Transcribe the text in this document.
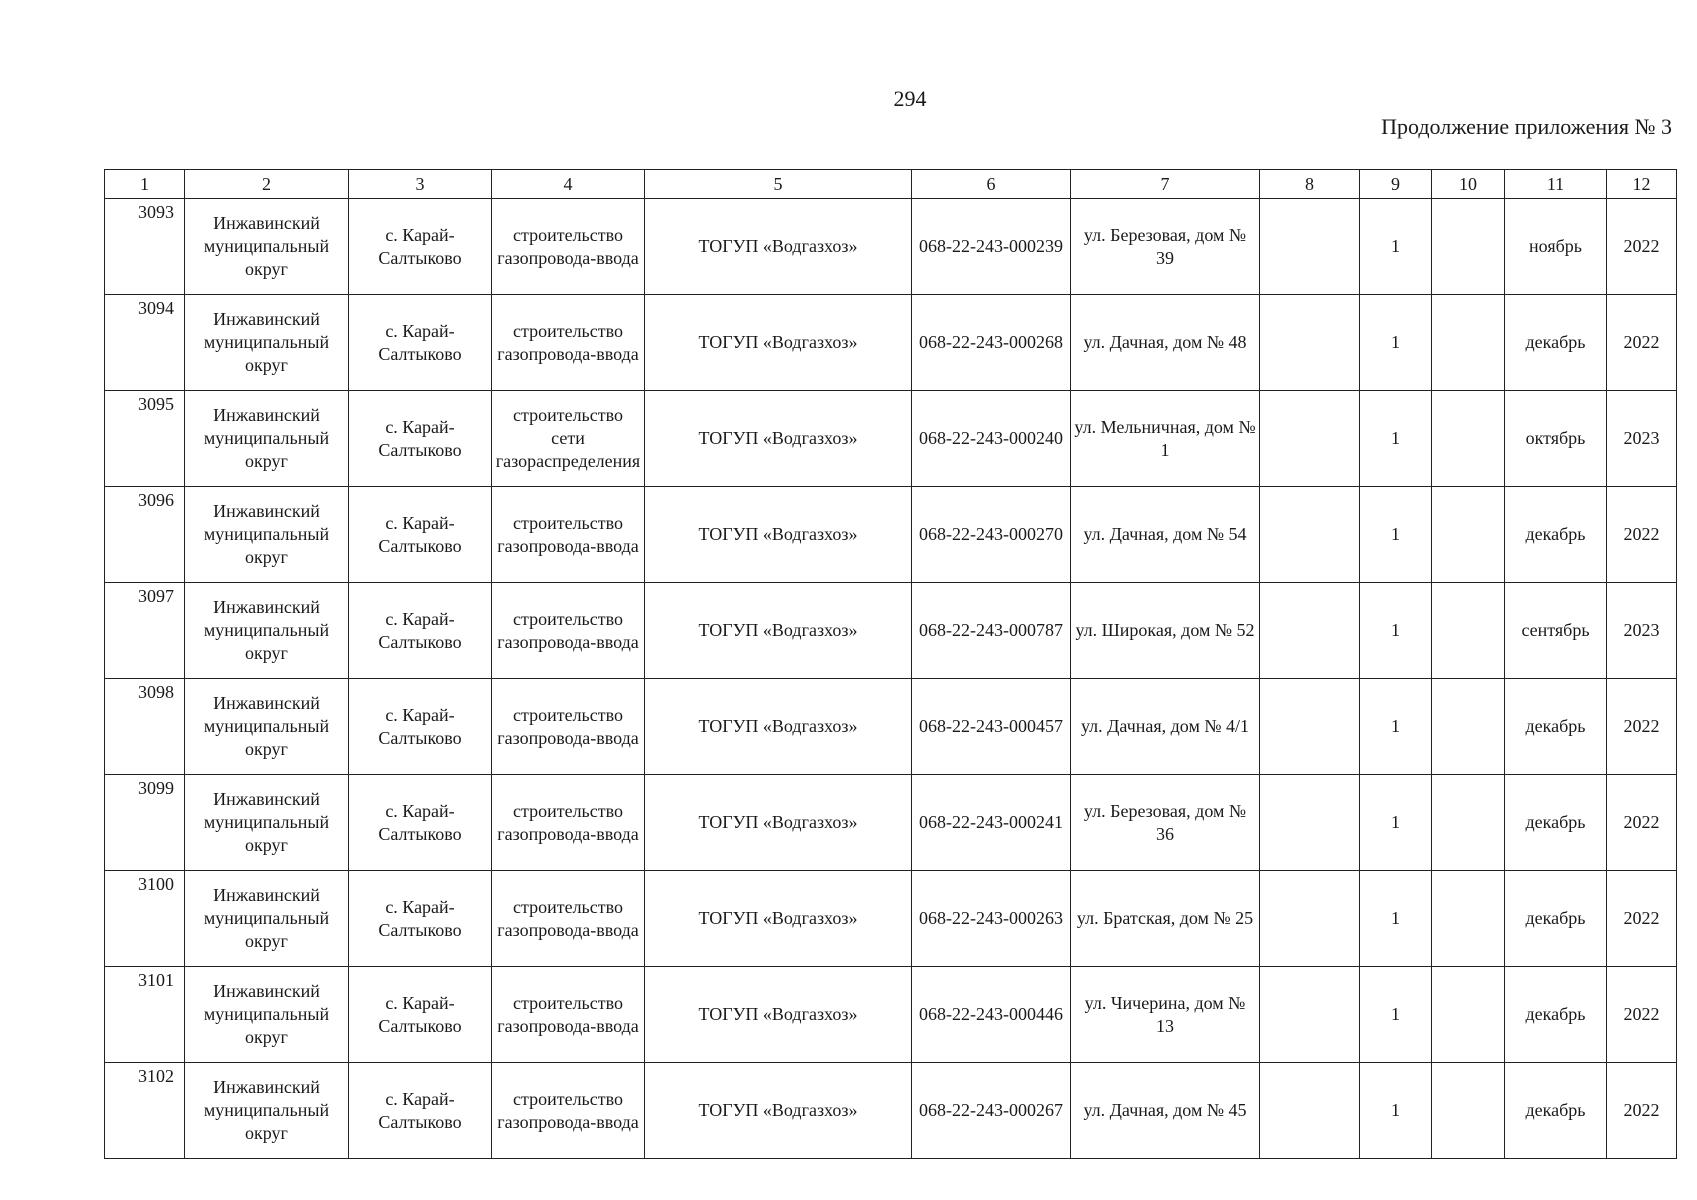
294
Продолжение приложения № 3
1	2	3	4	5	6	7	8	9	10	11	12
3093	Инжавинский муниципальный округ	с. Карай-Салтыково	строительство газопровода-ввода	ТОГУП «Водгазхоз»	068-22-243-000239	ул. Березовая, дом № 39		1		ноябрь	2022
3094	Инжавинский муниципальный округ	с. Карай-Салтыково	строительство газопровода-ввода	ТОГУП «Водгазхоз»	068-22-243-000268	ул. Дачная, дом № 48		1		декабрь	2022
3095	Инжавинский муниципальный округ	с. Карай-Салтыково	строительство сети газораспределения	ТОГУП «Водгазхоз»	068-22-243-000240	ул. Мельничная, дом № 1		1		октябрь	2023
3096	Инжавинский муниципальный округ	с. Карай-Салтыково	строительство газопровода-ввода	ТОГУП «Водгазхоз»	068-22-243-000270	ул. Дачная, дом № 54		1		декабрь	2022
3097	Инжавинский муниципальный округ	с. Карай-Салтыково	строительство газопровода-ввода	ТОГУП «Водгазхоз»	068-22-243-000787	ул. Широкая, дом № 52		1		сентябрь	2023
3098	Инжавинский муниципальный округ	с. Карай-Салтыково	строительство газопровода-ввода	ТОГУП «Водгазхоз»	068-22-243-000457	ул. Дачная, дом № 4/1		1		декабрь	2022
3099	Инжавинский муниципальный округ	с. Карай-Салтыково	строительство газопровода-ввода	ТОГУП «Водгазхоз»	068-22-243-000241	ул. Березовая, дом № 36		1		декабрь	2022
3100	Инжавинский муниципальный округ	с. Карай-Салтыково	строительство газопровода-ввода	ТОГУП «Водгазхоз»	068-22-243-000263	ул. Братская, дом № 25		1		декабрь	2022
3101	Инжавинский муниципальный округ	с. Карай-Салтыково	строительство газопровода-ввода	ТОГУП «Водгазхоз»	068-22-243-000446	ул. Чичерина, дом № 13		1		декабрь	2022
3102	Инжавинский муниципальный округ	с. Карай-Салтыково	строительство газопровода-ввода	ТОГУП «Водгазхоз»	068-22-243-000267	ул. Дачная, дом № 45		1		декабрь	2022
